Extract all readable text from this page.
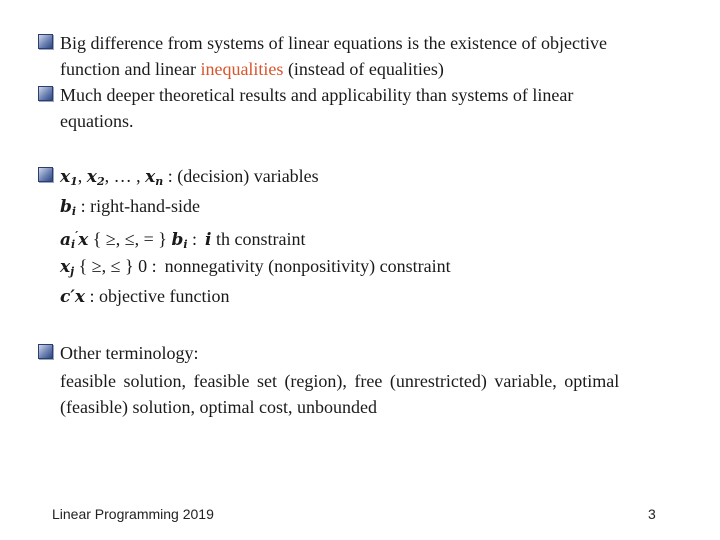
Big difference from systems of linear equations is the existence of objective
function and linear inequalities (instead of equalities)
Much deeper theoretical results and applicability than systems of linear
equations.
$x_1$, $x_2$, … , $x_n$ : (decision) variables
$b_i$ : right-hand-side
$a_i'x$ { ≥, ≤, = } $b_i$ : i th constraint
$x_j$ { ≥, ≤ } 0 : nonnegativity (nonpositivity) constraint
c′x : objective function
Other terminology:
feasible solution, feasible set (region), free (unrestricted) variable, optimal
(feasible) solution, optimal cost, unbounded
Linear Programming 2019	3
